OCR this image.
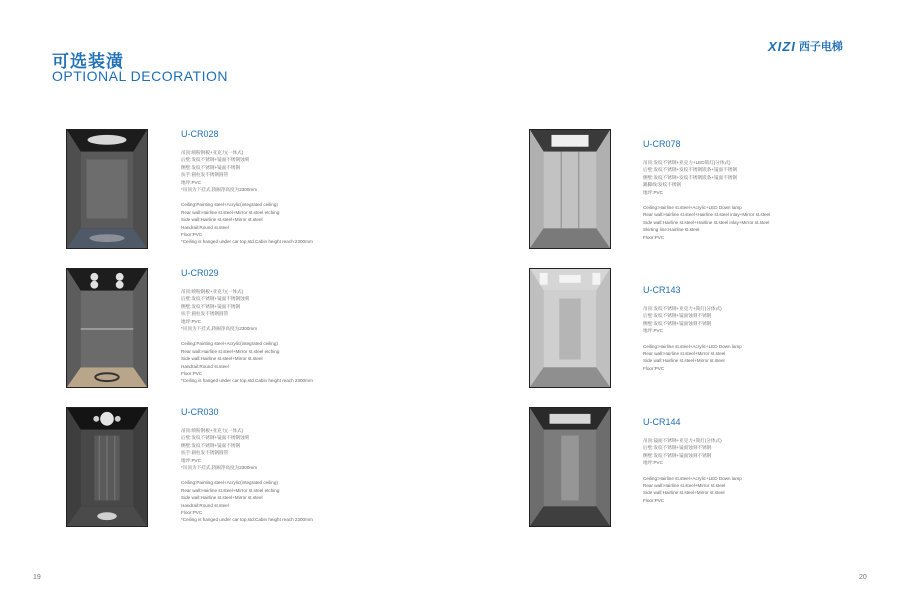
可选装潢
OPTIONAL DECORATION
XIZI 西子电梯
U-CR028
吊顶:喷粉钢板+亚克力(一体式)
后壁:发纹不锈钢+镜面不锈钢蚀刻
侧壁:发纹不锈钢+镜面不锈钢
扶手:圆柱发不锈钢圆管
地坪:PVC
*吊顶为下挂式,轿厢净高度为2300mm
Ceiling:Painting steel+Acrylic(integrated ceiling)
Rear wall:Hairline st.steel+Mirror st.steel etching
Side wall:Hairline st.steel+Mirror st.steel
Handrail:Round st.steel
Floor:PVC
*Ceiling is hanged under car top,std.Cabin height reach 2300mm
U-CR029
吊顶:喷粉钢板+亚克力(一体式)
后壁:发纹不锈钢+镜面不锈钢蚀刻
侧壁:发纹不锈钢+镜面不锈钢
扶手:圆柱发不锈钢圆管
地坪:PVC
*吊顶为下挂式,轿厢净高度为2300mm
Ceiling:Painting steel+Acrylic(integrated ceiling)
Rear wall:Hairline st.steel+Mirror st.steel etching
Side wall:Hairline st.steel+Mirror st.steel
Handrail:Round st.steel
Floor:PVC
*Ceiling is hanged under car top,std.Cabin height reach 2300mm
U-CR030
吊顶:喷粉钢板+亚克力(一体式)
后壁:发纹不锈钢+镜面不锈钢蚀刻
侧壁:发纹不锈钢+镜面不锈钢
扶手:圆柱发不锈钢圆管
地坪:PVC
*吊顶为下挂式,轿厢净高度为2300mm
Ceiling:Painting steel+Acrylic(integrated ceiling)
Rear wall:Hairline st.steel+Mirror st.steel etching
Side wall:Hairline st.steel+Mirror st.steel
Handrail:Round st.steel
Floor:PVC
*Ceiling is hanged under car top,std.Cabin height reach 2300mm
U-CR078
吊顶:发纹不锈钢+亚克力+LED筒灯(分体式)
后壁:发纹不锈钢+发纹不锈钢嵌条+镜面不锈钢
侧壁:发纹不锈钢+发纹不锈钢嵌条+镜面不锈钢
踢脚线:发纹不锈钢
地坪:PVC
Ceiling:Hairline st.steel+Acrylic+LED Down lamp
Rear wall:Hairline st.steel+Hairline st.steel inlay+Mirror st.steel
Side wall:Hairline st.steel+Hairline st.steel inlay+Mirror st.steel
Skirting line:Hairline st.steel
Floor:PVC
U-CR143
吊顶:发纹不锈钢+亚克力+筒灯(分体式)
后壁:发纹不锈钢+镜面蚀刻不锈钢
侧壁:发纹不锈钢+镜面蚀刻不锈钢
地坪:PVC
Ceiling:Hairline st.steel+Acrylic+LED Down lamp
Rear wall:Hairline st.steel+Mirror st.steel
Side wall:Hairline st.steel+Mirror st.steel
Floor:PVC
U-CR144
吊顶:镜面不锈钢+亚克力+筒灯(分体式)
后壁:发纹不锈钢+镜面蚀刻不锈钢
侧壁:发纹不锈钢+镜面蚀刻不锈钢
地坪:PVC
Ceiling:Hairline st.steel+Acrylic+LED Down lamp
Rear wall:Hairline st.steel+Mirror st.steel
Side wall:Hairline st.steel+Mirror st.steel
Floor:PVC
19	20
